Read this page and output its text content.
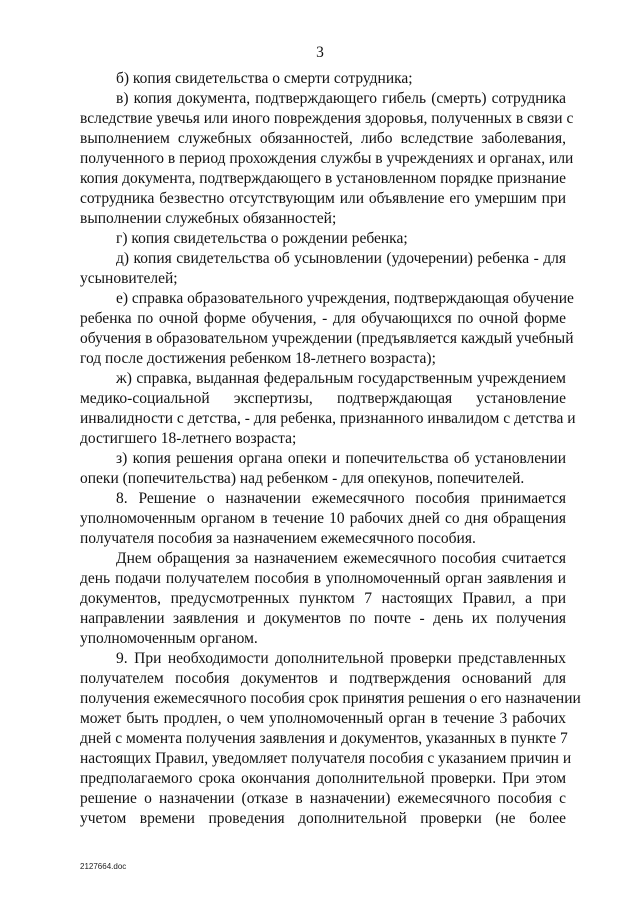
3

б) копия свидетельства о смерти сотрудника;

в) копия документа, подтверждающего гибель (смерть) сотрудника
вследствие увечья или иного повреждения здоровья, полученных в связи с
выполнением служебных обязанностей, либо вследствие заболевания,
полученного в период прохождения службы в учреждениях и органах, или
копия документа, подтверждающего в установленном порядке признание
сотрудника безвестно отсутствующим или объявление его умершим при
выполнении служебных обязанностей;

г) копия свидетельства о рождении ребенка;

д) копия свидетельства об усыновлении (удочерении) ребенка - для
усыновителей;

е) справка образовательного учреждения, подтверждающая обучение
ребенка по очной форме обучения, - для обучающихся по очной форме
обучения в образовательном учреждении (предъявляется каждый учебный
год после достижения ребенком 18-летнего возраста);

ж) справка, выданная федеральным государственным учреждением
медико-социальной экспертизы, подтверждающая установление
инвалидности с детства, - для ребенка, признанного инвалидом с детства и
достигшего 18-летнего возраста;

з) копия решения органа опеки и попечительства об установлении
опеки (попечительства) над ребенком - для опекунов, попечителей.

8. Решение о назначении ежемесячного пособия принимается
уполномоченным органом в течение 10 рабочих дней со дня обращения
получателя пособия за назначением ежемесячного пособия.

Днем обращения за назначением ежемесячного пособия считается
день подачи получателем пособия в уполномоченный орган заявления и
документов, предусмотренных пунктом 7 настоящих Правил, а при
направлении заявления и документов по почте - день их получения
уполномоченным органом.

9. При необходимости дополнительной проверки представленных
получателем пособия документов и подтверждения оснований для
получения ежемесячного пособия срок принятия решения о его назначении
может быть продлен, о чем уполномоченный орган в течение 3 рабочих
дней с момента получения заявления и документов, указанных в пункте 7
настоящих Правил, уведомляет получателя пособия с указанием причин и
предполагаемого срока окончания дополнительной проверки. При этом
решение о назначении (отказе в назначении) ежемесячного пособия с
учетом времени проведения дополнительной проверки (не более

2127664.doc
